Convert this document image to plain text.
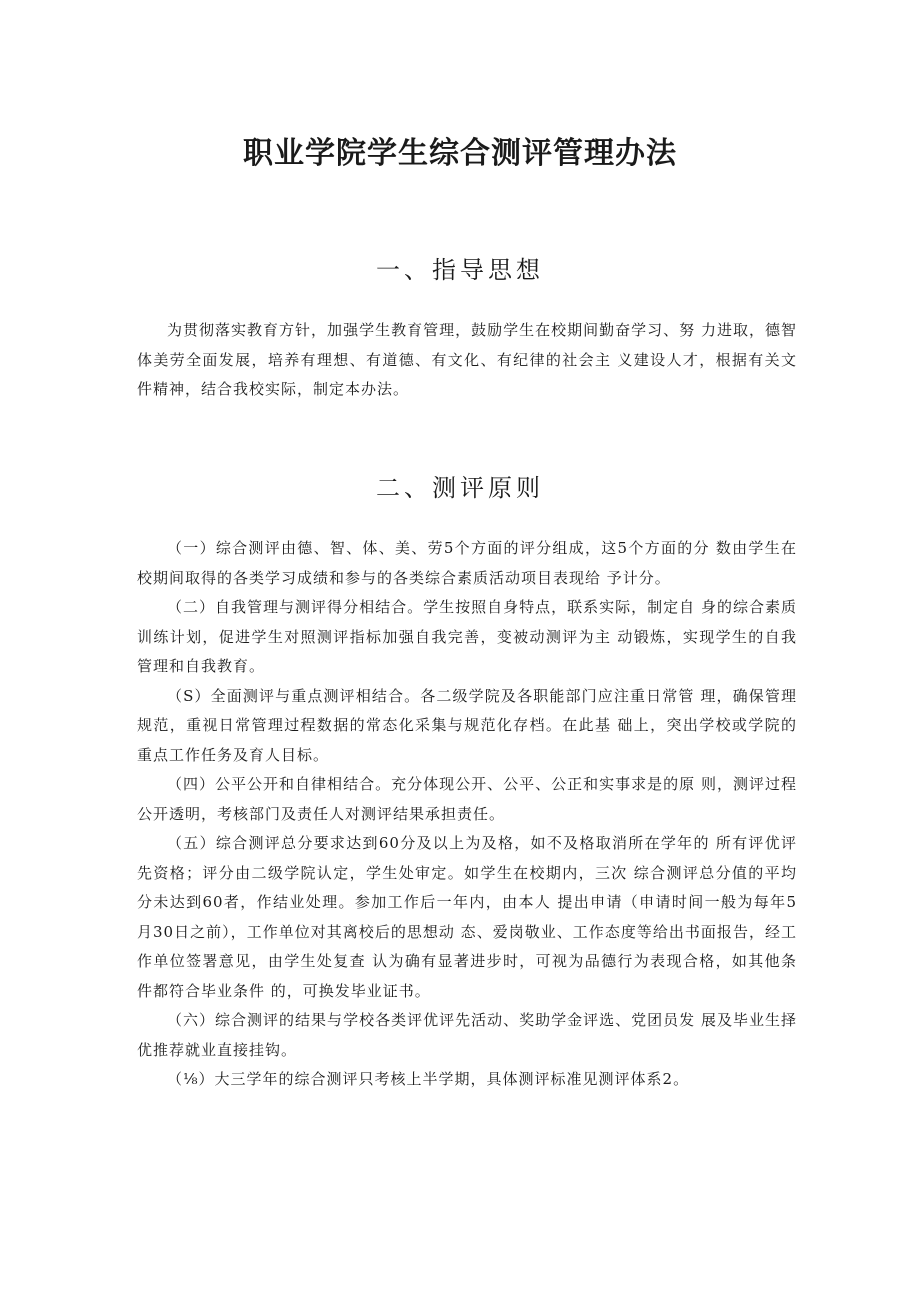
职业学院学生综合测评管理办法
一、指导思想

为贯彻落实教育方针，加强学生教育管理，鼓励学生在校期间勤奋学习、努 力进取，德智体美劳全面发展，培养有理想、有道德、有文化、有纪律的社会主 义建设人才，根据有关文件精神，结合我校实际，制定本办法。

二、测评原则

（一）综合测评由德、智、体、美、劳5个方面的评分组成，这5个方面的分 数由学生在校期间取得的各类学习成绩和参与的各类综合素质活动项目表现给 予计分。

（二）自我管理与测评得分相结合。学生按照自身特点，联系实际，制定自 身的综合素质训练计划，促进学生对照测评指标加强自我完善，变被动测评为主 动锻炼，实现学生的自我管理和自我教育。

（S）全面测评与重点测评相结合。各二级学院及各职能部门应注重日常管 理，确保管理规范，重视日常管理过程数据的常态化采集与规范化存档。在此基 础上，突出学校或学院的重点工作任务及育人目标。

（四）公平公开和自律相结合。充分体现公开、公平、公正和实事求是的原 则，测评过程公开透明，考核部门及责任人对测评结果承担责任。

（五）综合测评总分要求达到60分及以上为及格，如不及格取消所在学年的 所有评优评先资格；评分由二级学院认定，学生处审定。如学生在校期内，三次 综合测评总分值的平均分未达到60者，作结业处理。参加工作后一年内，由本人 提出申请（申请时间一般为每年5月30日之前），工作单位对其离校后的思想动 态、爱岗敬业、工作态度等给出书面报告，经工作单位签署意见，由学生处复查 认为确有显著进步时，可视为品德行为表现合格，如其他条件都符合毕业条件 的，可换发毕业证书。

（六）综合测评的结果与学校各类评优评先活动、奖助学金评选、党团员发 展及毕业生择优推荐就业直接挂钩。

（⅛）大三学年的综合测评只考核上半学期，具体测评标准见测评体系2。
